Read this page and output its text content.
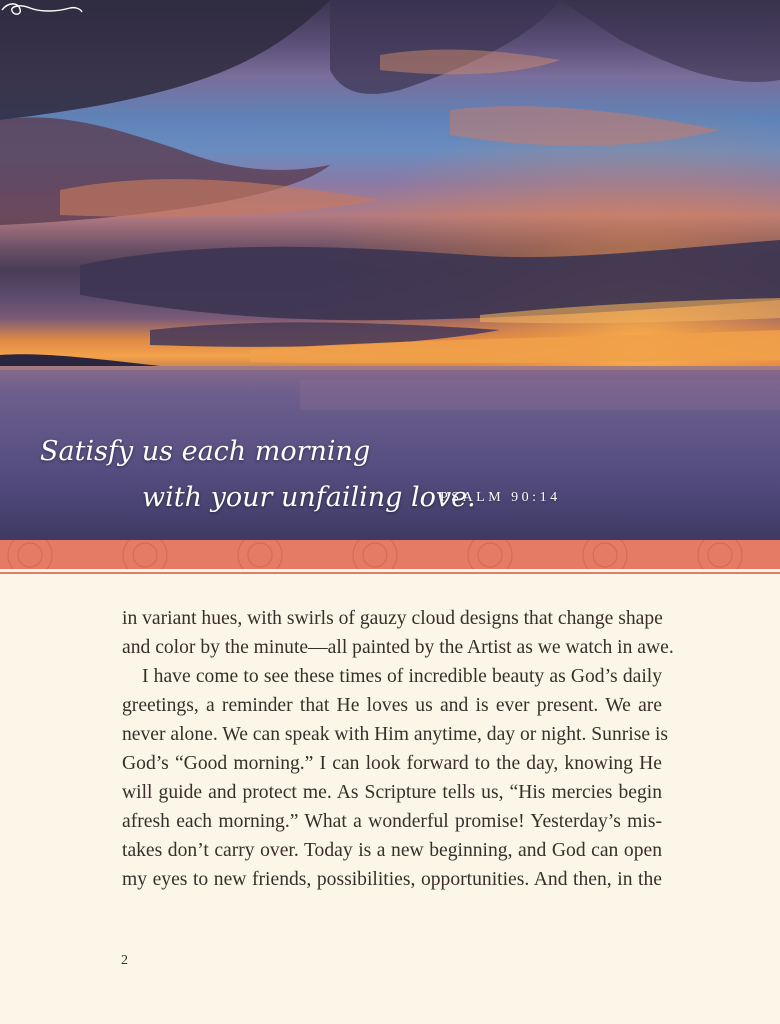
Satisfy us each morning
with your unfailing love.
PSALM 90:14
in variant hues, with swirls of gauzy cloud designs that change shape
and color by the minute—all painted by the Artist as we watch in awe.
I have come to see these times of incredible beauty as God’s daily
greetings, a reminder that He loves us and is ever present. We are
never alone. We can speak with Him anytime, day or night. Sunrise is
God’s “Good morning.” I can look forward to the day, knowing He
will guide and protect me. As Scripture tells us, “His mercies begin
afresh each morning.” What a wonderful promise! Yesterday’s mis-
takes don’t carry over. Today is a new beginning, and God can open
my eyes to new friends, possibilities, opportunities. And then, in the
2
